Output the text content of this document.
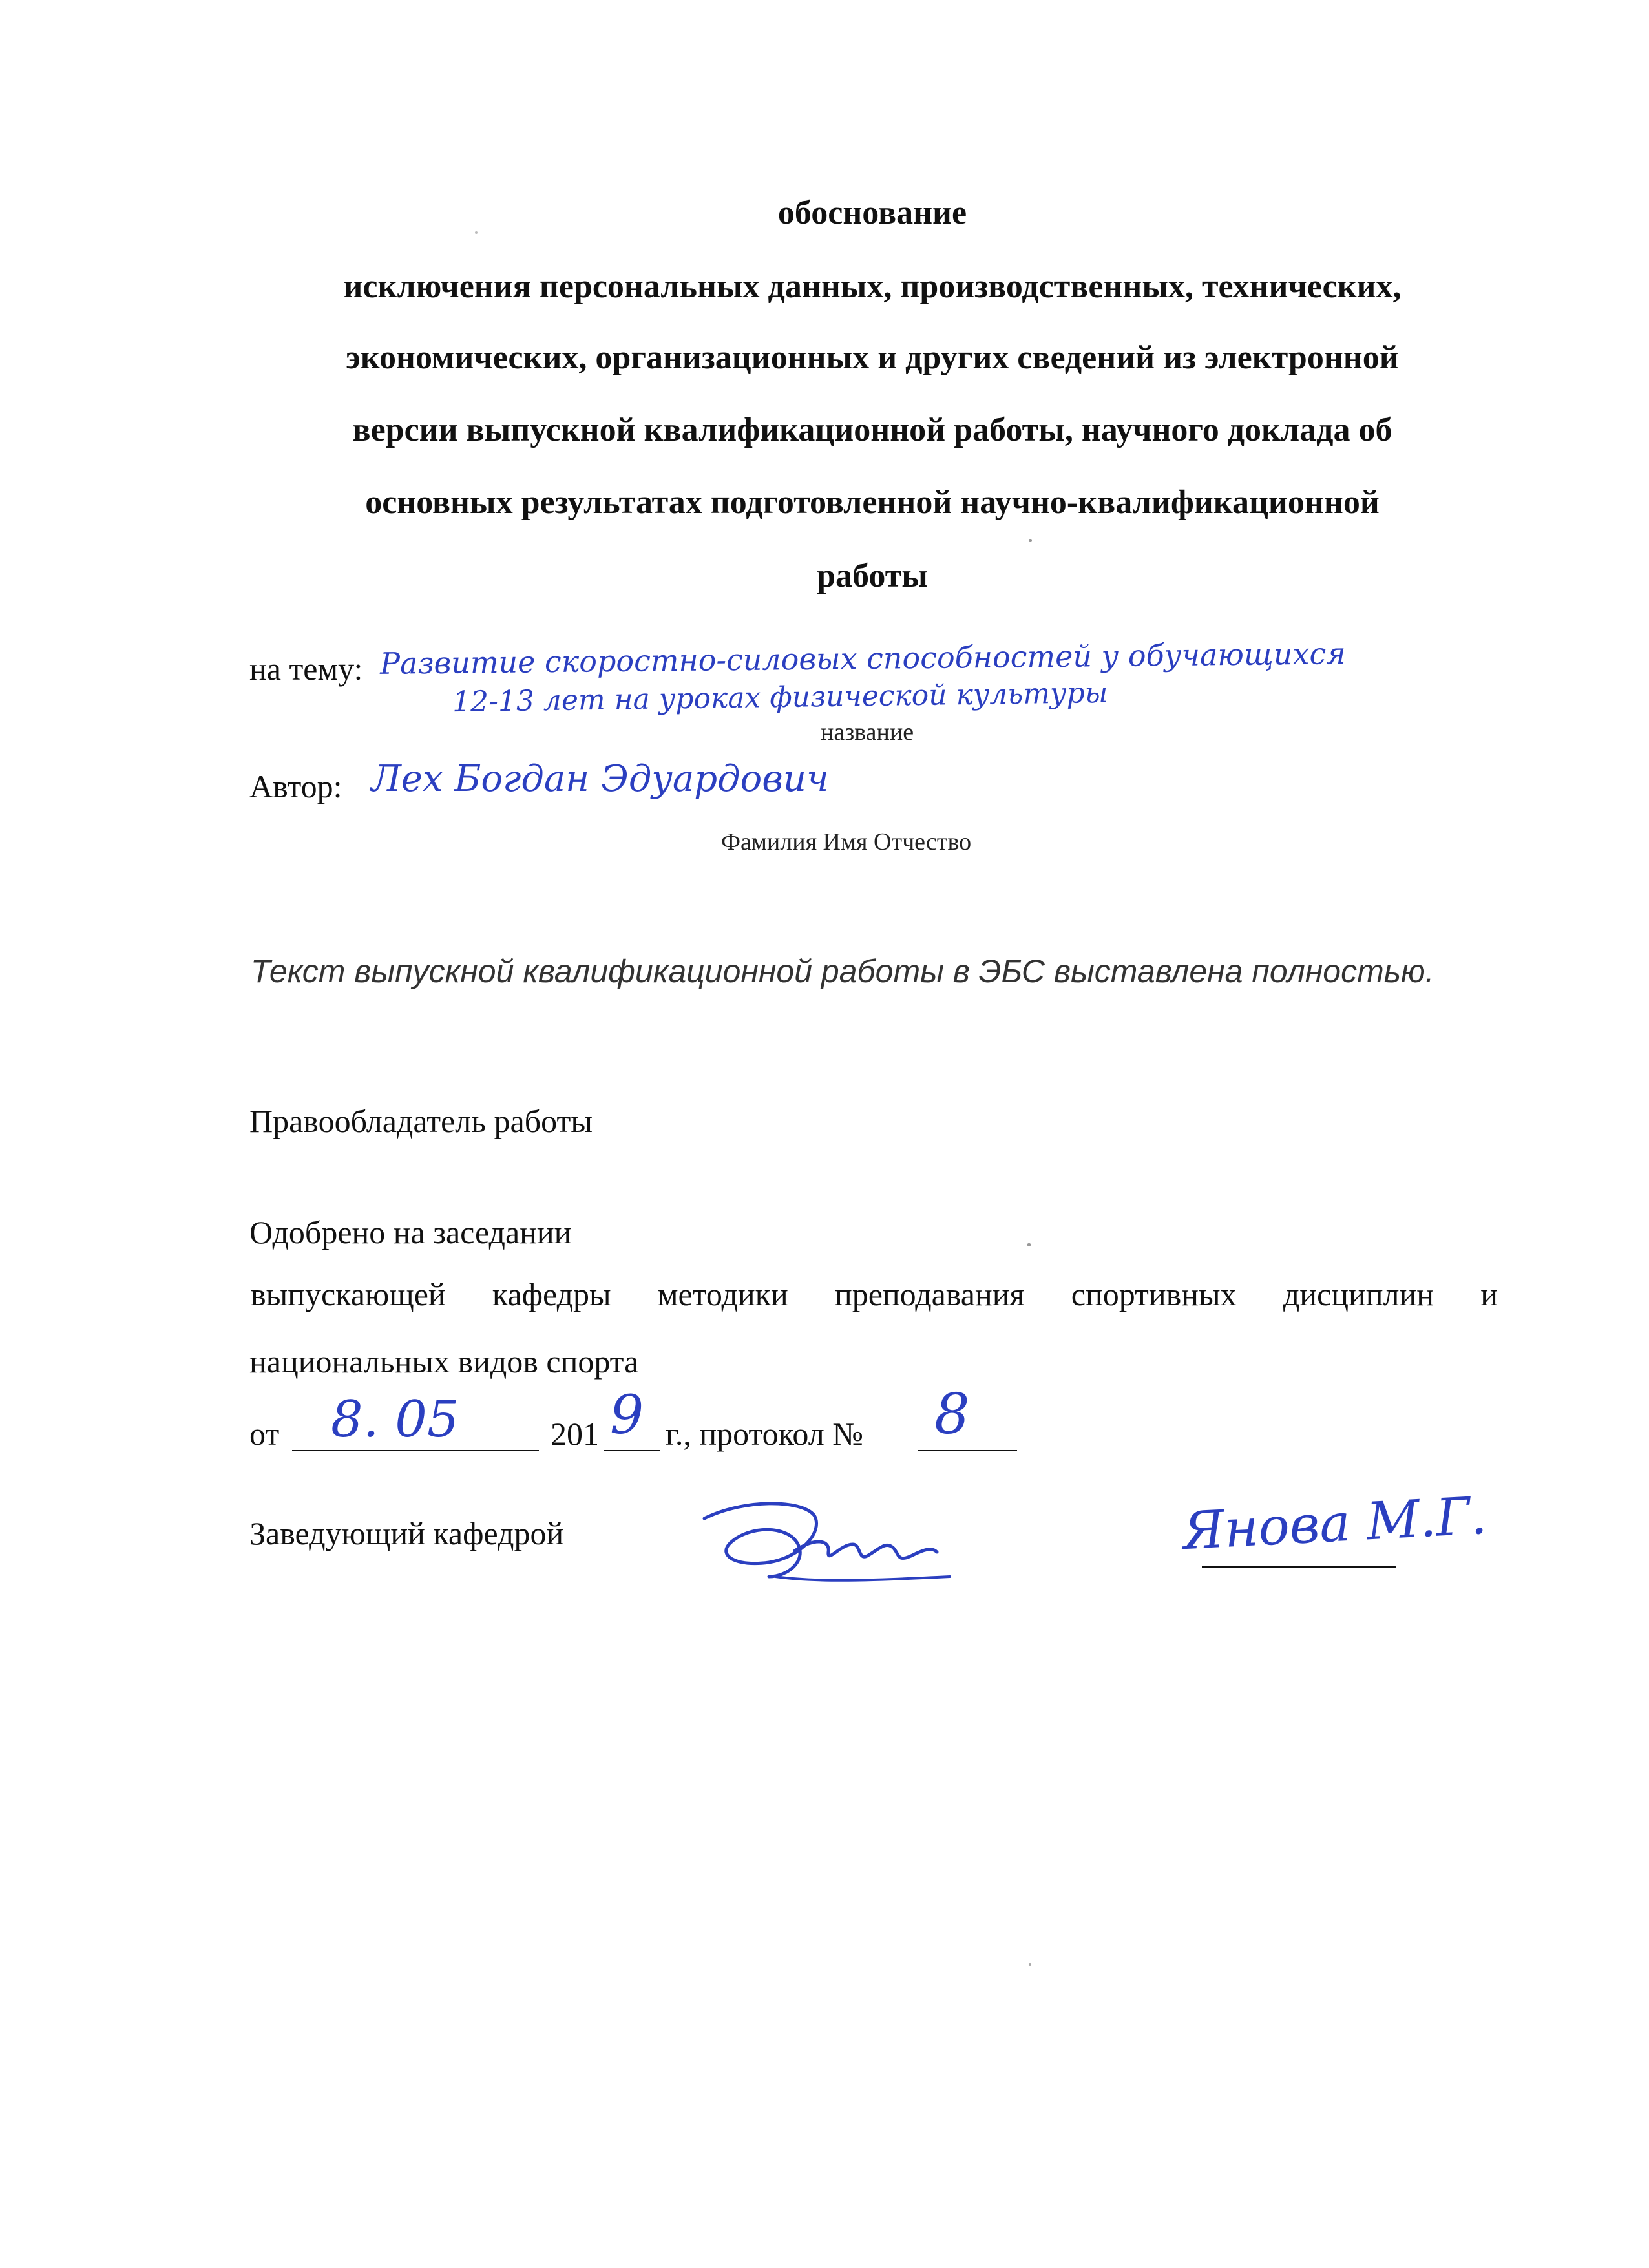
обоснование
исключения персональных данных, производственных, технических,
экономических, организационных и других сведений из электронной
версии выпускной квалификационной работы, научного доклада об
основных результатах подготовленной научно-квалификационной
работы
на тему: Развитие скоростно-силовых способностей у обучающихся
12-13 лет на уроках физической культуры
название
Автор: Лех Богдан Эдуардович
Фамилия Имя Отчество
Текст выпускной квалификационной работы в ЭБС выставлена полностью.
Правообладатель работы
Одобрено на заседании
выпускающей кафедры методики преподавания спортивных дисциплин и
национальных видов спорта
от 8. 05	201 9 г., протокол № 8
Заведующий кафедрой	Янова М.Г.
